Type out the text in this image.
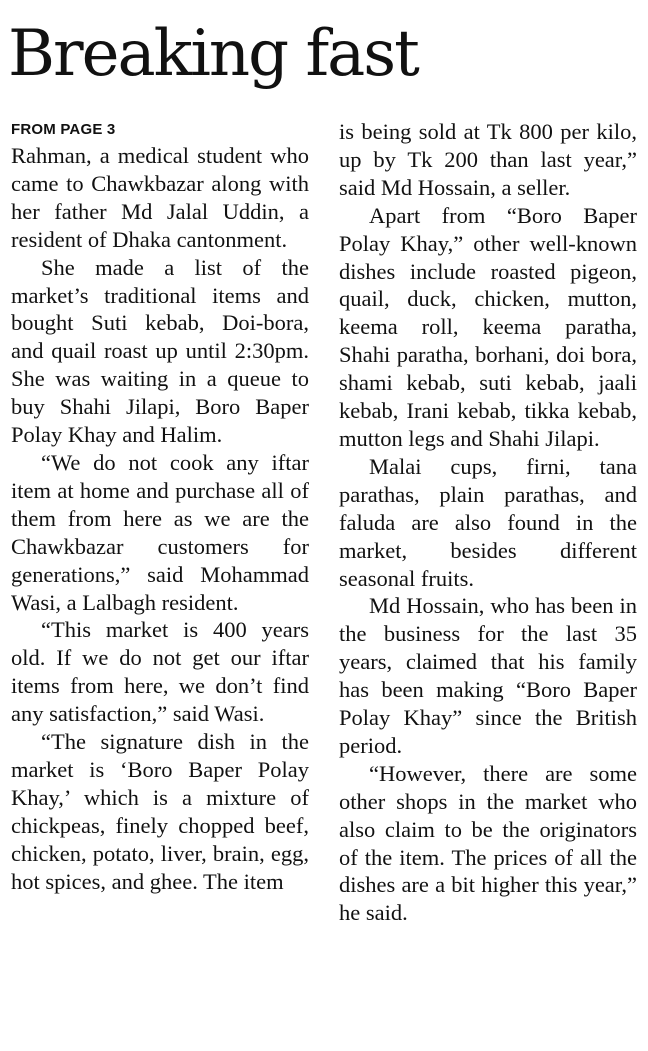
Breaking fast
FROM PAGE 3

Rahman, a medical student who came to Chawkbazar along with her father Md Jalal Uddin, a resident of Dhaka cantonment.

She made a list of the market’s traditional items and bought Suti kebab, Doi-bora, and quail roast up until 2:30pm. She was waiting in a queue to buy Shahi Jilapi, Boro Baper Polay Khay and Halim.

“We do not cook any iftar item at home and purchase all of them from here as we are the Chawkbazar customers for generations,” said Mohammad Wasi, a Lalbagh resident.

“This market is 400 years old. If we do not get our iftar items from here, we don’t find any satisfaction,” said Wasi.

“The signature dish in the market is ‘Boro Baper Polay Khay,’ which is a mixture of chickpeas, finely chopped beef, chicken, potato, liver, brain, egg, hot spices, and ghee. The item

is being sold at Tk 800 per kilo, up by Tk 200 than last year,” said Md Hossain, a seller.

Apart from “Boro Baper Polay Khay,” other well-known dishes include roasted pigeon, quail, duck, chicken, mutton, keema roll, keema paratha, Shahi paratha, borhani, doi bora, shami kebab, suti kebab, jaali kebab, Irani kebab, tikka kebab, mutton legs and Shahi Jilapi.

Malai cups, firni, tana parathas, plain parathas, and faluda are also found in the market, besides different seasonal fruits.

Md Hossain, who has been in the business for the last 35 years, claimed that his family has been making “Boro Baper Polay Khay” since the British period.

“However, there are some other shops in the market who also claim to be the originators of the item. The prices of all the dishes are a bit higher this year,” he said.
